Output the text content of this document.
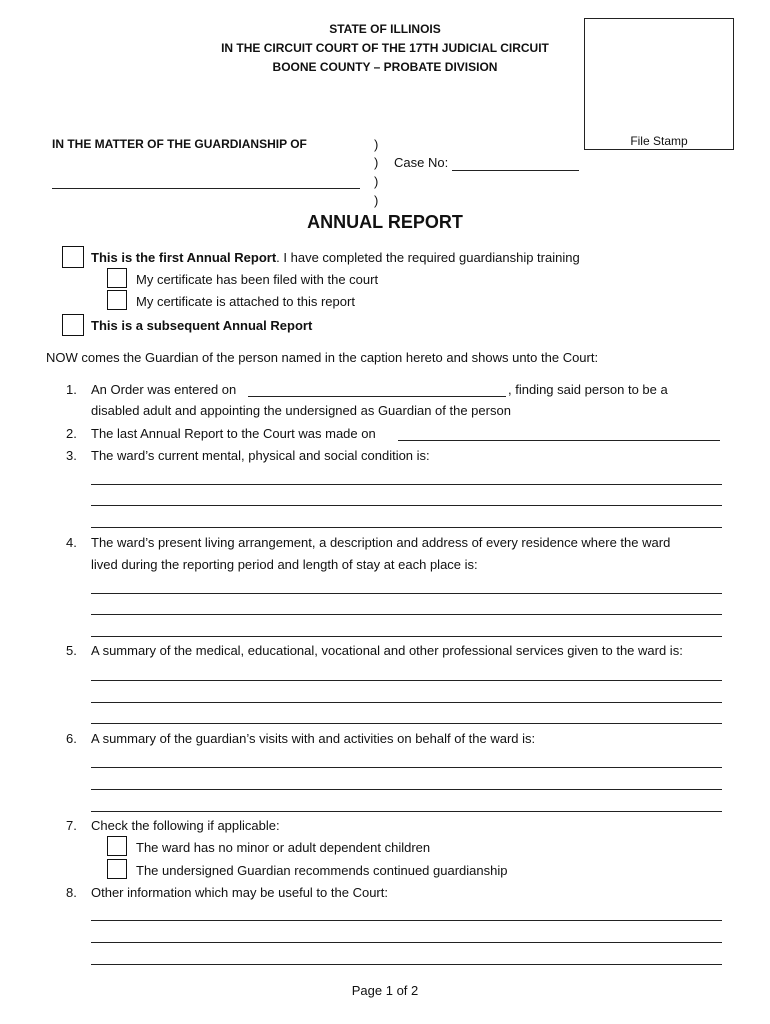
STATE OF ILLINOIS
IN THE CIRCUIT COURT OF THE 17TH JUDICIAL CIRCUIT
BOONE COUNTY – PROBATE DIVISION
File Stamp
IN THE MATTER OF THE GUARDIANSHIP OF	)
)
)
)
Case No:
ANNUAL REPORT
This is the first Annual Report. I have completed the required guardianship training
My certificate has been filed with the court
My certificate is attached to this report
This is a subsequent Annual Report
NOW comes the Guardian of the person named in the caption hereto and shows unto the Court:
1. An Order was entered on	, finding said person to be a
disabled adult and appointing the undersigned as Guardian of the person
2. The last Annual Report to the Court was made on
3. The ward’s current mental, physical and social condition is:
4. The ward’s present living arrangement, a description and address of every residence where the ward
lived during the reporting period and length of stay at each place is:
5. A summary of the medical, educational, vocational and other professional services given to the ward is:
6. A summary of the guardian’s visits with and activities on behalf of the ward is:
7. Check the following if applicable:
The ward has no minor or adult dependent children
The undersigned Guardian recommends continued guardianship
8. Other information which may be useful to the Court:
Page 1 of 2
